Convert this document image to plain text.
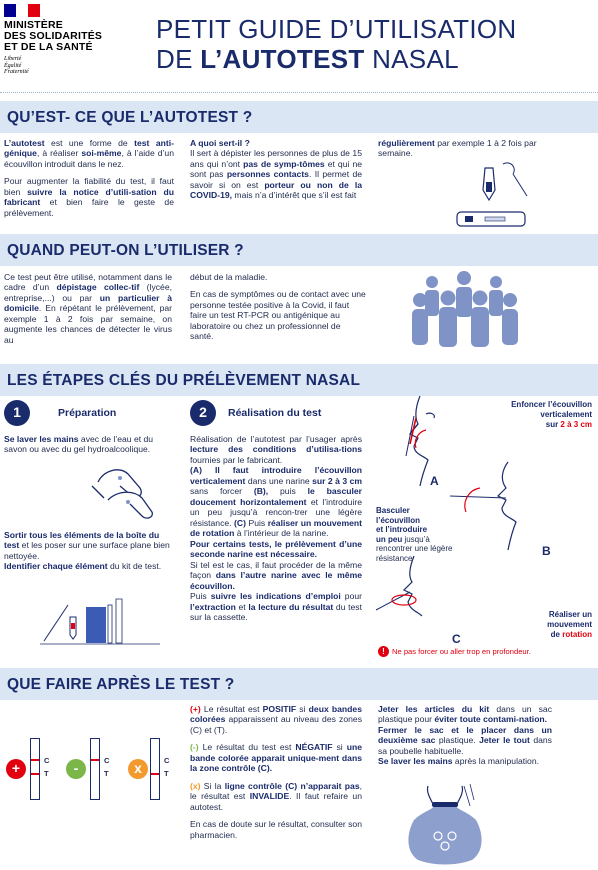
MINISTÈRE
DES SOLIDARITÉS
ET DE LA SANTÉ
Liberté
Égalité
Fraternité
PETIT GUIDE D’UTILISATION
DE L’AUTOTEST NASAL
QU’EST- CE QUE L’AUTOTEST ?

L’autotest est une forme de test anti-génique, à réaliser soi-même, à l’aide d’un écouvillon introduit dans le nez.

Pour augmenter la fiabilité du test, il faut bien suivre la notice d’utili-sation du fabricant et bien faire le geste de prélèvement.

A quoi sert-il ?

Il sert à dépister les personnes de plus de 15 ans qui n’ont pas de symp-tômes et qui ne sont pas personnes contacts. Il permet de savoir si on est porteur ou non de la COVID-19, mais n’a d’intérêt que s’il est fait

régulièrement par exemple 1 à 2 fois par semaine.

QUAND PEUT-ON L’UTILISER ?

Ce test peut être utilisé, notamment dans le cadre d’un dépistage collec-tif (lycée, entreprise,...) ou par un particulier à domicile. En répétant le prélèvement, par exemple 1 à 2 fois par semaine, on augmente les chances de détecter le virus au

début de la maladie.

En cas de symptômes ou de contact avec une personne testée positive à la Covid, il faut faire un test RT-PCR ou antigénique au laboratoire ou chez un professionnel de santé.

LES ÉTAPES CLÉS DU PRÉLÈVEMENT NASAL
1	Préparation

Se laver les mains avec de l’eau et du savon ou avec du gel hydroalcoolique.

Sortir tous les éléments de la boîte du test et les poser sur une surface plane bien nettoyée.
Identifier chaque élément du kit de test.
2	Réalisation du test
Réalisation de l’autotest par l’usager après lecture des conditions d’utilisa-tions fournies par le fabricant.
(A) Il faut introduire l’écouvillon verticalement dans une narine sur 2 à 3 cm sans forcer (B), puis le basculer doucement horizontalement et l’introduire un peu jusqu’à rencon-trer une légère résistance. (C) Puis réaliser un mouvement de rotation à l’intérieur de la narine.
Pour certains tests, le prélèvement d’une seconde narine est nécessaire.
Si tel est le cas, il faut procéder de la même façon dans l’autre narine avec le même écouvillon.
Puis suivre les indications d’emploi pour l’extraction et la lecture du résultat du test sur la cassette.
Enfoncer l’écouvillon
verticalement
sur 2 à 3 cm
A
Basculer
l’écouvillon
et l’introduire
un peu jusqu’à rencontrer une légère résistance	B
Réaliser un
mouvement
de rotation
C
! Ne pas forcer ou aller trop en profondeur.
QUE FAIRE APRÈS LE TEST ?
+	C
T	-	C
T	x	C
T

(+) Le résultat est POSITIF si deux bandes colorées apparaissent au niveau des zones (C) et (T).

(-) Le résultat du test est NÉGATIF si une bande colorée apparait unique-ment dans la zone contrôle (C).

(x) Si la ligne contrôle (C) n’apparait pas, le résultat est INVALIDE. Il faut refaire un autotest.

En cas de doute sur le résultat, consulter son pharmacien.

Jeter les articles du kit dans un sac plastique pour éviter toute contami-nation.
Fermer le sac et le placer dans un deuxième sac plastique. Jeter le tout dans sa poubelle habituelle.
Se laver les mains après la manipulation.
